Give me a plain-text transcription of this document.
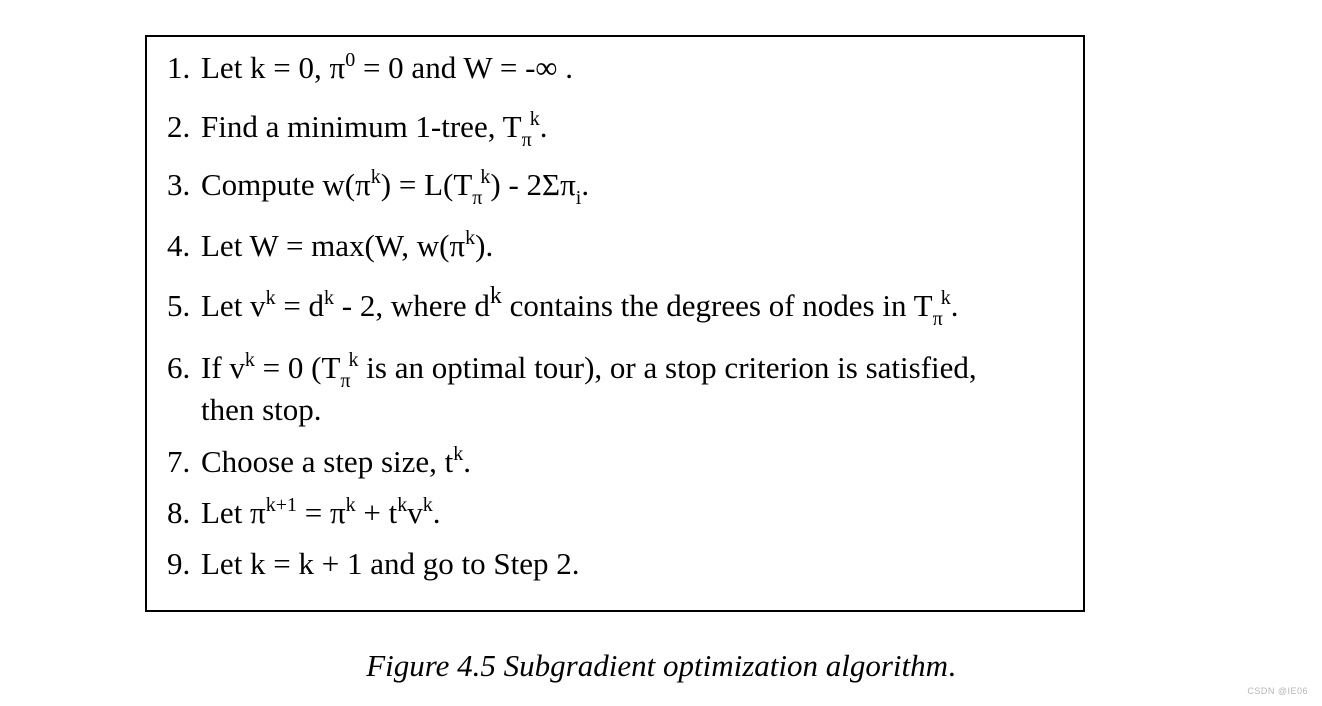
1. Let k = 0, $\pi^0 = 0$ and W = -∞ .
2. Find a minimum 1-tree, $T_\pi^k$.
3. Compute $w(\pi^k) = L(T_\pi^k) - 2\Sigma\pi_i$.
4. Let W = max(W, $w(\pi^k)$.
5. Let $v^k = d^k - 2$, where $d^k$ contains the degrees of nodes in $T_\pi^k$.
6. If $v^k = 0$ ($T_\pi^k$ is an optimal tour), or a stop criterion is satisfied,
then stop.
7. Choose a step size, $t^k$.
8. Let $\pi^{k+1} = \pi^k + t^kv^k$.
9. Let k = k + 1 and go to Step 2.
Figure 4.5 Subgradient optimization algorithm.
CSDN @IE06
